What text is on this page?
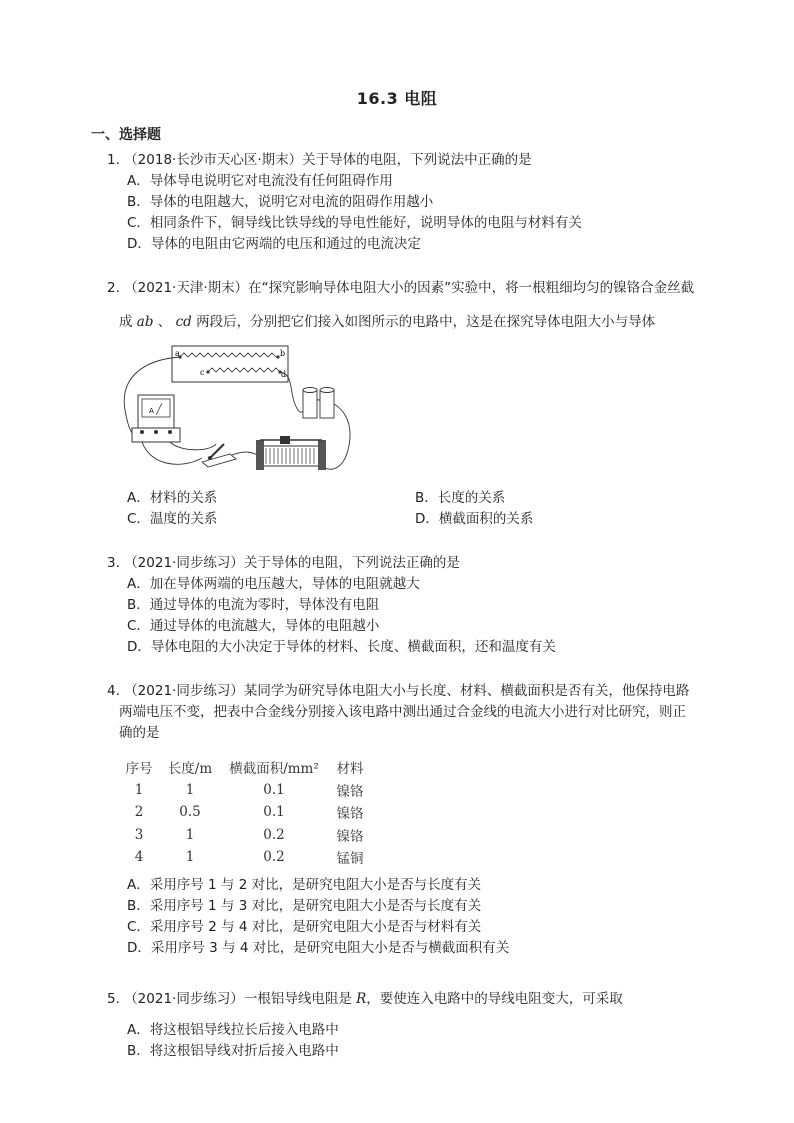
16.3 电阻
一、选择题
1. （2018·长沙市天心区·期末）关于导体的电阻，下列说法中正确的是
A．导体导电说明它对电流没有任何阻碍作用
B．导体的电阻越大，说明它对电流的阻碍作用越小
C．相同条件下，铜导线比铁导线的导电性能好，说明导体的电阻与材料有关
D．导体的电阻由它两端的电压和通过的电流决定
2. （2021·天津·期末）在“探究影响导体电阻大小的因素”实验中，将一根粗细均匀的镍铬合金丝截
成 ab 、 cd 两段后，分别把它们接入如图所示的电路中，这是在探究导体电阻大小与导体
a	b
c	d
A
A．材料的关系	B．长度的关系
C．温度的关系	D．横截面积的关系
3. （2021·同步练习）关于导体的电阻，下列说法正确的是
A．加在导体两端的电压越大，导体的电阻就越大
B．通过导体的电流为零时，导体没有电阻
C．通过导体的电流越大，导体的电阻越小
D．导体电阻的大小决定于导体的材料、长度、横截面积，还和温度有关
4. （2021·同步练习）某同学为研究导体电阻大小与长度、材料、横截面积是否有关，他保持电路
两端电压不变，把表中合金线分别接入该电路中测出通过合金线的电流大小进行对比研究，则正
确的是
序号	长度/m	横截面积/mm²	材料
1	1	0.1	镍铬
2	0.5	0.1	镍铬
3	1	0.2	镍铬
4	1	0.2	锰铜
A．采用序号 1 与 2 对比，是研究电阻大小是否与长度有关
B．采用序号 1 与 3 对比，是研究电阻大小是否与长度有关
C．采用序号 2 与 4 对比，是研究电阻大小是否与材料有关
D．采用序号 3 与 4 对比，是研究电阻大小是否与横截面积有关
5. （2021·同步练习）一根铝导线电阻是 R，要使连入电路中的导线电阻变大，可采取
A．将这根铝导线拉长后接入电路中
B．将这根铝导线对折后接入电路中
